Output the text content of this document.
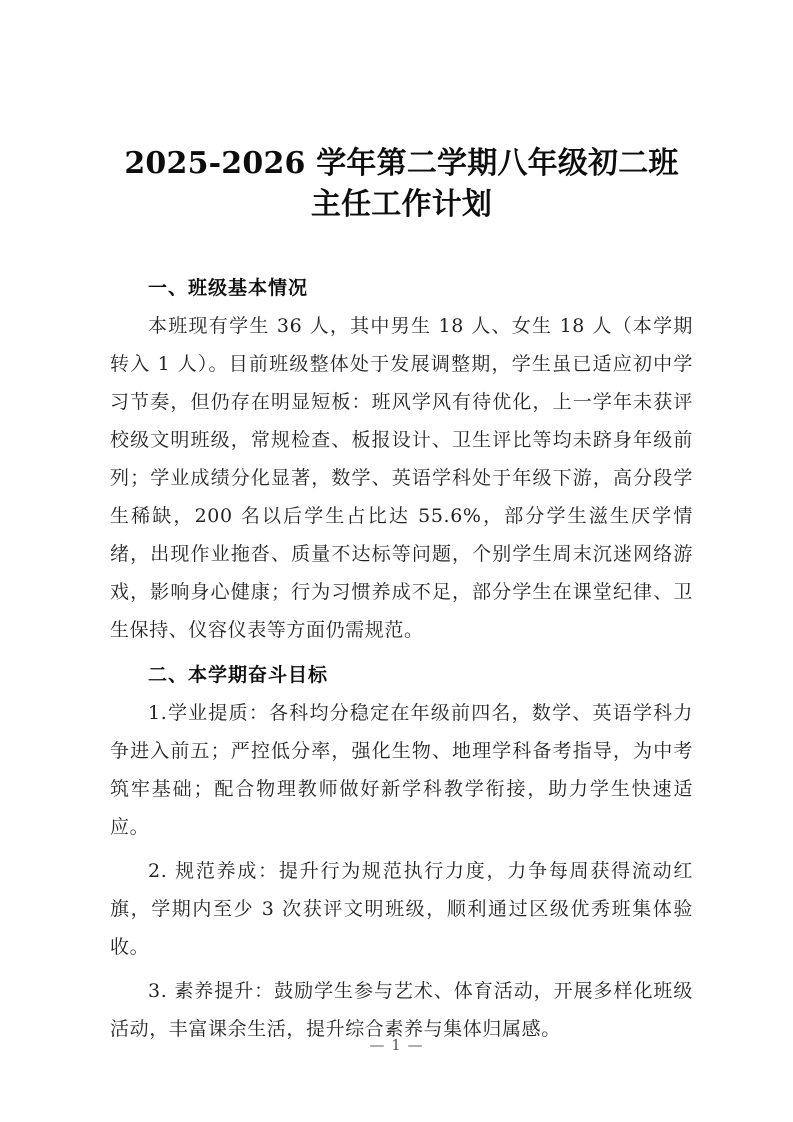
2025-2026 学年第二学期八年级初二班主任工作计划
一、班级基本情况

本班现有学生 36 人，其中男生 18 人、女生 18 人（本学期转入 1 人）。目前班级整体处于发展调整期，学生虽已适应初中学习节奏，但仍存在明显短板：班风学风有待优化，上一学年未获评校级文明班级，常规检查、板报设计、卫生评比等均未跻身年级前列；学业成绩分化显著，数学、英语学科处于年级下游，高分段学生稀缺，200 名以后学生占比达 55.6%，部分学生滋生厌学情绪，出现作业拖沓、质量不达标等问题，个别学生周末沉迷网络游戏，影响身心健康；行为习惯养成不足，部分学生在课堂纪律、卫生保持、仪容仪表等方面仍需规范。

二、本学期奋斗目标

1.学业提质：各科均分稳定在年级前四名，数学、英语学科力争进入前五；严控低分率，强化生物、地理学科备考指导，为中考筑牢基础；配合物理教师做好新学科教学衔接，助力学生快速适应。

2. 规范养成：提升行为规范执行力度，力争每周获得流动红旗，学期内至少 3 次获评文明班级，顺利通过区级优秀班集体验收。

3. 素养提升：鼓励学生参与艺术、体育活动，开展多样化班级活动，丰富课余生活，提升综合素养与集体归属感。

— 1 —
